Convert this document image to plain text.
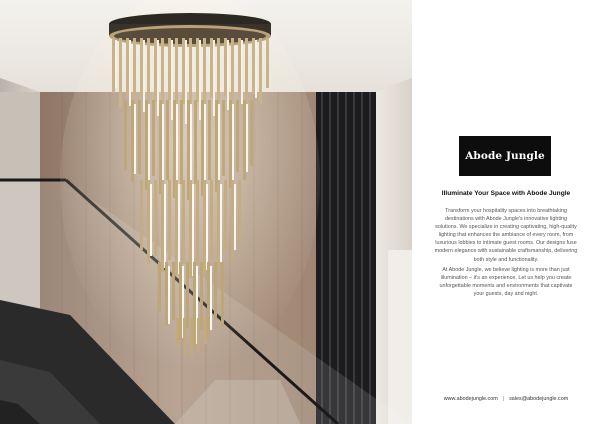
Abode Jungle
Illuminate Your Space with Abode Jungle

Transform your hospitality spaces into breathtaking destinations with Abode Jungle's innovative lighting solutions. We specialize in creating captivating, high-quality lighting that enhances the ambiance of every room, from luxurious lobbies to intimate guest rooms. Our designs fuse modern elegance with sustainable craftsmanship, delivering both style and functionality.

At Abode Jungle, we believe lighting is more than just illumination – it's an experience. Let us help you create unforgettable moments and environments that captivate your guests, day and night.

www.abodejungle.com | sales@abodejungle.com
